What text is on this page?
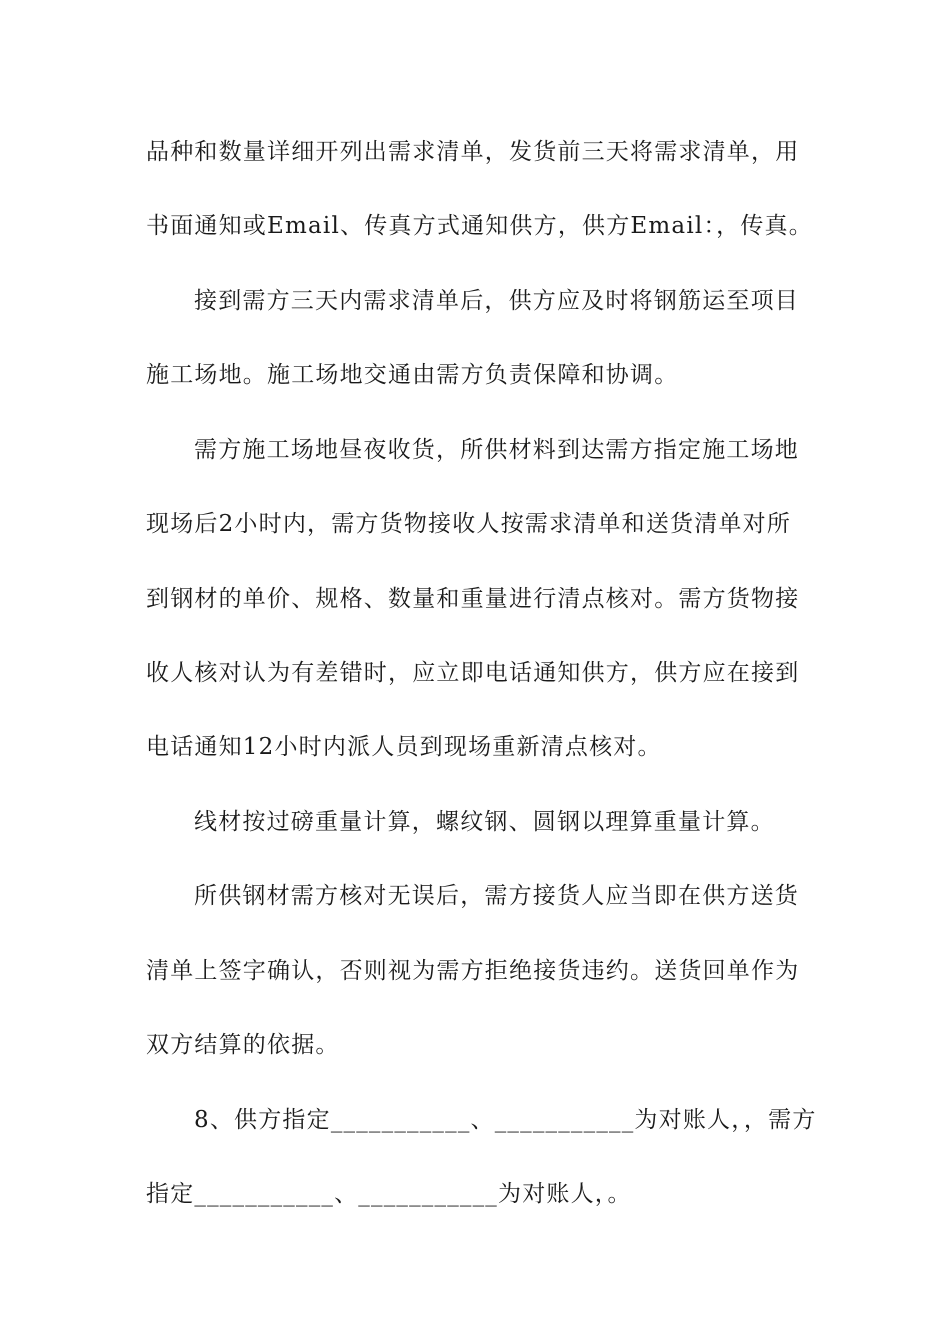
品种和数量详细开列出需求清单，发货前三天将需求清单，用
书面通知或Email、传真方式通知供方，供方Email：，传真。
接到需方三天内需求清单后，供方应及时将钢筋运至项目
施工场地。施工场地交通由需方负责保障和协调。
需方施工场地昼夜收货，所供材料到达需方指定施工场地
现场后2小时内，需方货物接收人按需求清单和送货清单对所
到钢材的单价、规格、数量和重量进行清点核对。需方货物接
收人核对认为有差错时，应立即电话通知供方，供方应在接到
电话通知12小时内派人员到现场重新清点核对。
线材按过磅重量计算，螺纹钢、圆钢以理算重量计算。
所供钢材需方核对无误后，需方接货人应当即在供方送货
清单上签字确认，否则视为需方拒绝接货违约。送货回单作为
双方结算的依据。
8、供方指定___________、___________为对账人，，需方
指定___________、___________为对账人，。
